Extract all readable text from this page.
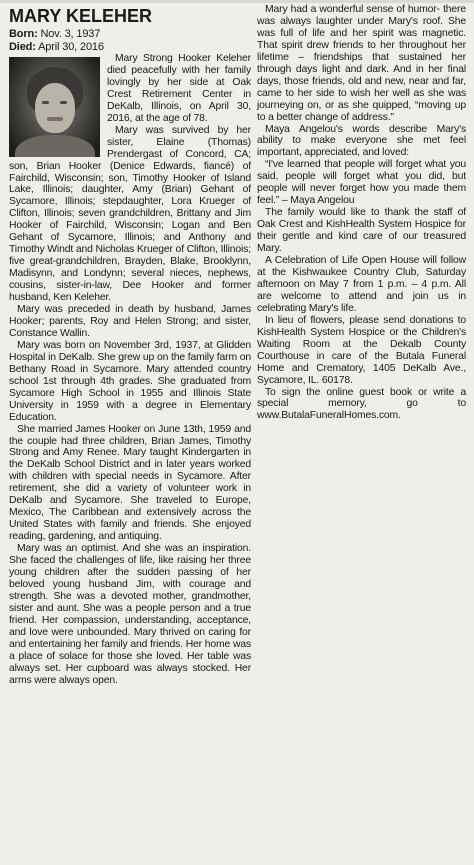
MARY KELEHER
Born: Nov. 3, 1937
Died: April 30, 2016

Mary Strong Hooker Keleher died peacefully with her family lovingly by her side at Oak Crest Retirement Center in DeKalb, Illinois, on April 30, 2016, at the age of 78.

Mary was survived by her sister, Elaine (Thomas) Prendergast of Concord, CA; son, Brian Hooker (Denice Edwards, fiancé) of Fairchild, Wisconsin; son, Timothy Hooker of Island Lake, Illinois; daughter, Amy (Brian) Gehant of Sycamore, Illinois; stepdaughter, Lora Krueger of Clifton, Illinois; seven grandchildren, Brittany and Jim Hooker of Fairchild, Wisconsin; Logan and Ben Gehant of Sycamore, Illinois; and Anthony and Timothy Windt and Nicholas Krueger of Clifton, Illinois; five great-grandchildren, Brayden, Blake, Brooklynn, Madisynn, and Londynn; several nieces, nephews, cousins, sister-in-law, Dee Hooker and former husband, Ken Keleher.

Mary was preceded in death by husband, James Hooker; parents, Roy and Helen Strong; and sister, Constance Wallin.

Mary was born on November 3rd, 1937, at Glidden Hospital in DeKalb. She grew up on the family farm on Bethany Road in Sycamore. Mary attended country school 1st through 4th grades. She graduated from Sycamore High School in 1955 and Illinois State University in 1959 with a degree in Elementary Education.

She married James Hooker on June 13th, 1959 and the couple had three children, Brian James, Timothy Strong and Amy Renee. Mary taught Kindergarten in the DeKalb School District and in later years worked with children with special needs in Sycamore. After retirement, she did a variety of volunteer work in DeKalb and Sycamore. She traveled to Europe, Mexico, The Caribbean and extensively across the United States with family and friends. She enjoyed reading, gardening, and antiquing.

Mary was an optimist. And she was an inspiration. She faced the challenges of life, like raising her three young children after the sudden passing of her beloved young husband Jim, with courage and strength. She was a devoted mother, grandmother, sister and aunt. She was a people person and a true friend. Her compassion, understanding, acceptance, and love were unbounded. Mary thrived on caring for and entertaining her family and friends. Her home was a place of solace for those she loved. Her table was always set. Her cupboard was always stocked. Her arms were always open.

Mary had a wonderful sense of humor- there was always laughter under Mary's roof. She was full of life and her spirit was magnetic. That spirit drew friends to her throughout her lifetime – friendships that sustained her through days light and dark. And in her final days, those friends, old and new, near and far, came to her side to wish her well as she was journeying on, or as she quipped, “moving up to a better change of address.”

Maya Angelou's words describe Mary's ability to make everyone she met feel important, appreciated, and loved:

“I've learned that people will forget what you said, people will forget what you did, but people will never forget how you made them feel.” – Maya Angelou

The family would like to thank the staff of Oak Crest and KishHealth System Hospice for their gentle and kind care of our treasured Mary.

A Celebration of Life Open House will follow at the Kishwaukee Country Club, Saturday afternoon on May 7 from 1 p.m. – 4 p.m. All are welcome to attend and join us in celebrating Mary's life.

In lieu of flowers, please send donations to KishHealth System Hospice or the Children's Waiting Room at the Dekalb County Courthouse in care of the Butala Funeral Home and Crematory, 1405 DeKalb Ave., Sycamore, IL. 60178.

To sign the online guest book or write a special memory, go to www.ButalaFuneralHomes.com.
